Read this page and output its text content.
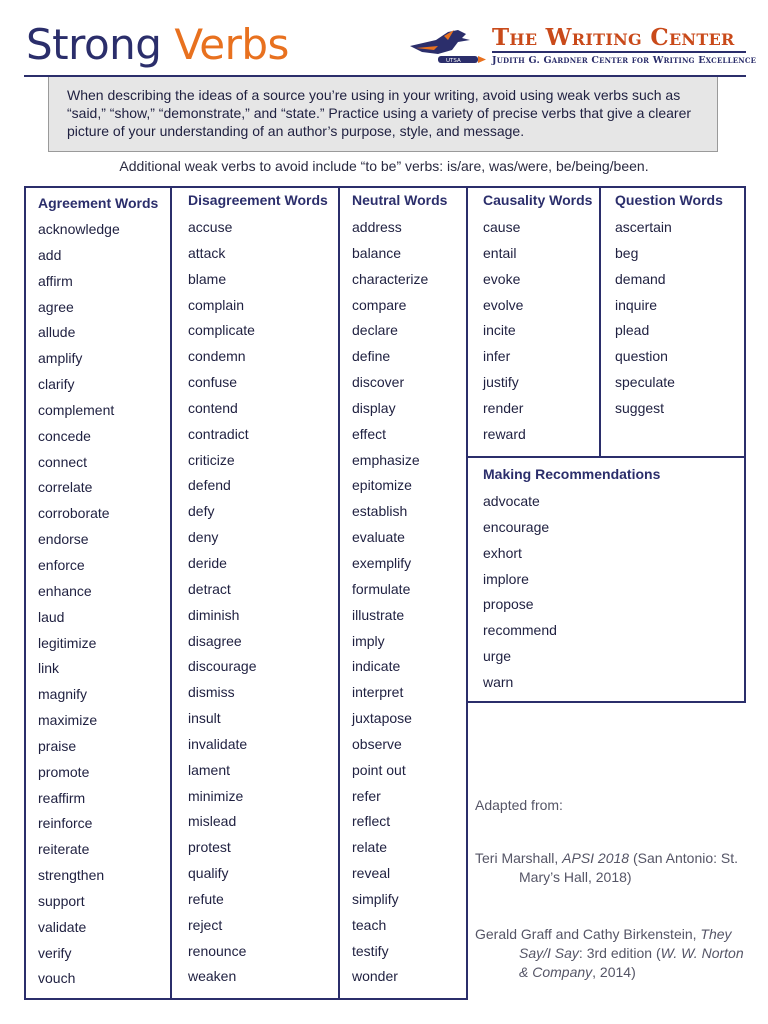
Strong Verbs	UTSA
The Writing Center
Judith G. Gardner Center for Writing Excellence

When describing the ideas of a source you’re using in your writing, avoid using weak verbs such as “said,” “show,” “demonstrate,” and “state.” Practice using a variety of precise verbs that give a clearer picture of your understanding of an author’s purpose, style, and message.

Additional weak verbs to avoid include “to be” verbs: is/are, was/were, be/being/been.
Agreement Words
acknowledge
add
affirm
agree
allude
amplify
clarify
complement
concede
connect
correlate
corroborate
endorse
enforce
enhance
laud
legitimize
link
magnify
maximize
praise
promote
reaffirm
reinforce
reiterate
strengthen
support
validate
verify
vouch
Disagreement Words
accuse
attack
blame
complain
complicate
condemn
confuse
contend
contradict
criticize
defend
defy
deny
deride
detract
diminish
disagree
discourage
dismiss
insult
invalidate
lament
minimize
mislead
protest
qualify
refute
reject
renounce
weaken
Neutral Words
address
balance
characterize
compare
declare
define
discover
display
effect
emphasize
epitomize
establish
evaluate
exemplify
formulate
illustrate
imply
indicate
interpret
juxtapose
observe
point out
refer
reflect
relate
reveal
simplify
teach
testify
wonder
Causality Words
cause
entail
evoke
evolve
incite
infer
justify
render
reward
Question Words
ascertain
beg
demand
inquire
plead
question
speculate
suggest
Making Recommendations
advocate
encourage
exhort
implore
propose
recommend
urge
warn

Adapted from:

Teri Marshall, APSI 2018 (San Antonio: St. Mary’s Hall, 2018)

Gerald Graff and Cathy Birkenstein, They Say/I Say: 3rd edition (W. W. Norton & Company, 2014)
